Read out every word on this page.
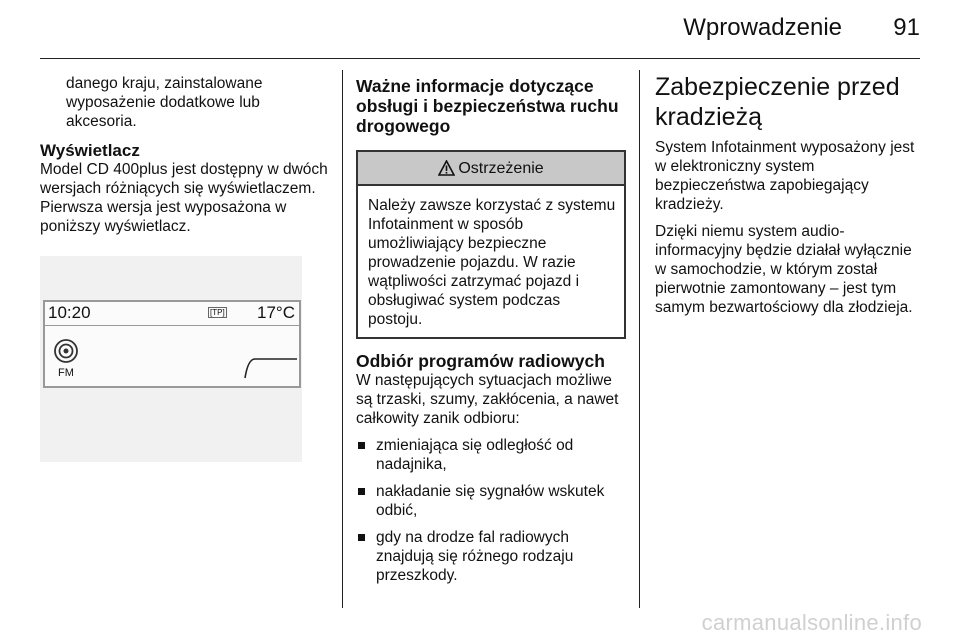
Wprowadzenie 91

danego kraju, zainstalowane wyposażenie dodatkowe lub akcesoria.

Wyświetlacz

Model CD 400plus jest dostępny w dwóch wersjach różniących się wyświetlaczem. Pierwsza wersja jest wyposażona w poniższy wyświetlacz.

10:20	[TP] 17°C
FM
Ważne informacje dotyczące obsługi i bezpieczeństwa ruchu drogowego
Ostrzeżenie
Należy zawsze korzystać z systemu Infotainment w sposób umożliwiający bezpieczne prowadzenie pojazdu. W razie wątpliwości zatrzymać pojazd i obsługiwać system podczas postoju.
Odbiór programów radiowych

W następujących sytuacjach możliwe są trzaski, szumy, zakłócenia, a nawet całkowity zanik odbioru:

zmieniająca się odległość od nadajnika,
nakładanie się sygnałów wskutek odbić,
gdy na drodze fal radiowych znajdują się różnego rodzaju przeszkody.
Zabezpieczenie przed kradzieżą

System Infotainment wyposażony jest w elektroniczny system bezpieczeństwa zapobiegający kradzieży.

Dzięki niemu system audio-informacyjny będzie działał wyłącznie w samochodzie, w którym został pierwotnie zamontowany – jest tym samym bezwartościowy dla złodzieja.

carmanualsonline.info
